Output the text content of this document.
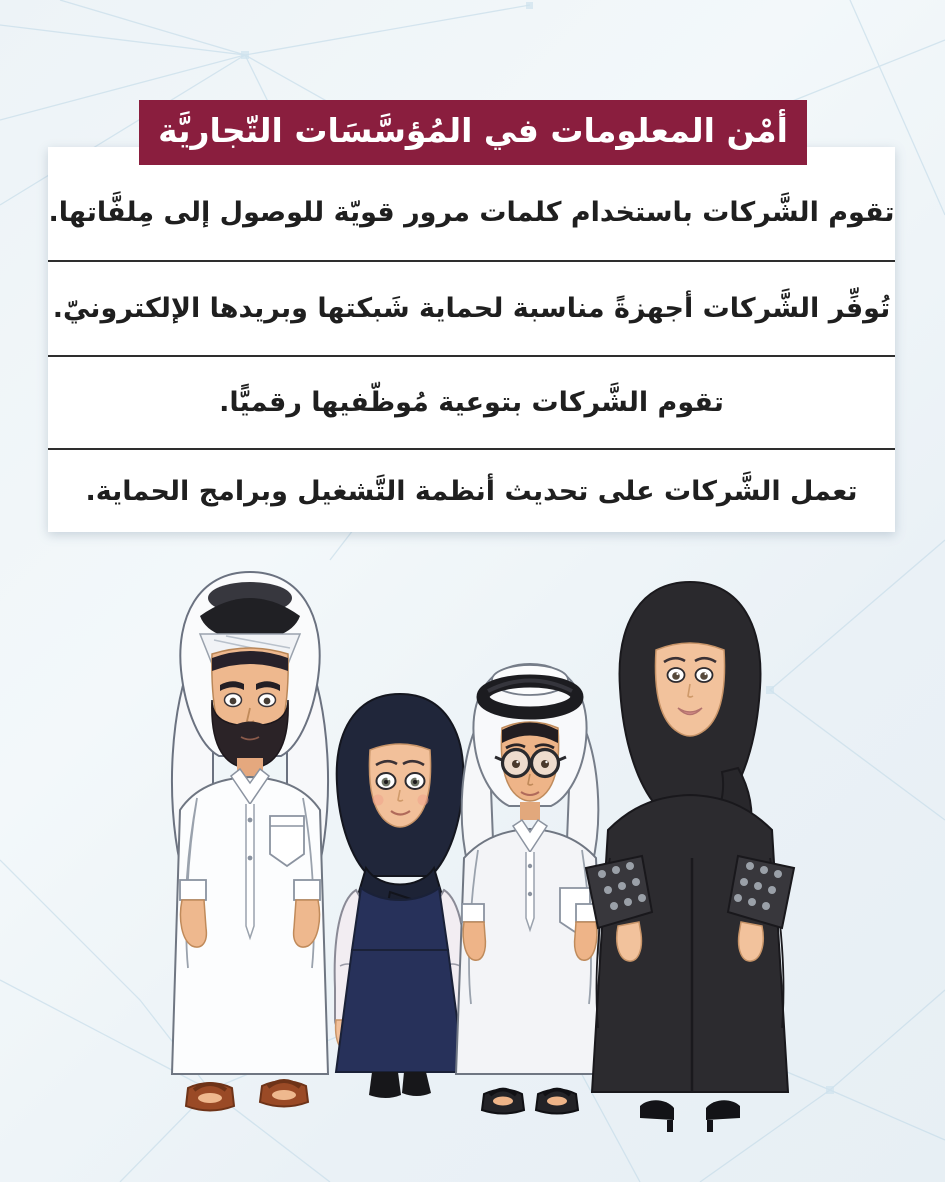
أمْن المعلومات في المُؤسَّسَات التّجاريَّة
تقوم الشَّركات باستخدام كلمات مرور قويّة للوصول إلى مِلفَّاتها.
تُوفِّر الشَّركات أجهزةً مناسبة لحماية شَبكتها وبريدها الإلكترونيّ.
تقوم الشَّركات بتوعية مُوظّفيها رقميًّا.
تعمل الشَّركات على تحديث أنظمة التَّشغيل وبرامج الحماية.
